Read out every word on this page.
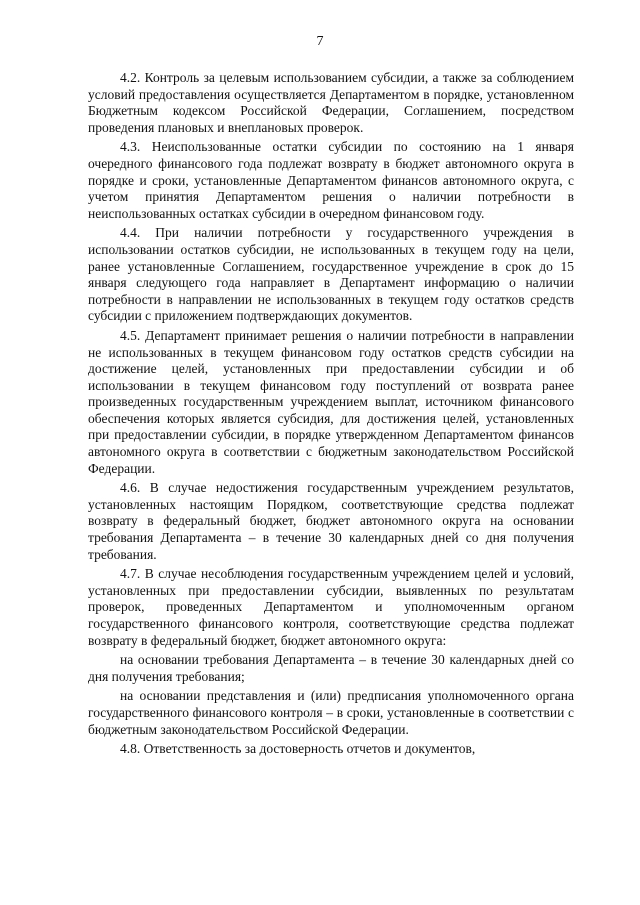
7

4.2. Контроль за целевым использованием субсидии, а также за соблюдением условий предоставления осуществляется Департаментом в порядке, установленном Бюджетным кодексом Российской Федерации, Соглашением, посредством проведения плановых и внеплановых проверок.

4.3. Неиспользованные остатки субсидии по состоянию на 1 января очередного финансового года подлежат возврату в бюджет автономного округа в порядке и сроки, установленные Департаментом финансов автономного округа, с учетом принятия Департаментом решения о наличии потребности в неиспользованных остатках субсидии в очередном финансовом году.

4.4. При наличии потребности у государственного учреждения в использовании остатков субсидии, не использованных в текущем году на цели, ранее установленные Соглашением, государственное учреждение в срок до 15 января следующего года направляет в Департамент информацию о наличии потребности в направлении не использованных в текущем году остатков средств субсидии с приложением подтверждающих документов.

4.5. Департамент принимает решения о наличии потребности в направлении не использованных в текущем финансовом году остатков средств субсидии на достижение целей, установленных при предоставлении субсидии и об использовании в текущем финансовом году поступлений от возврата ранее произведенных государственным учреждением выплат, источником финансового обеспечения которых является субсидия, для достижения целей, установленных при предоставлении субсидии, в порядке утвержденном Департаментом финансов автономного округа в соответствии с бюджетным законодательством Российской Федерации.

4.6. В случае недостижения государственным учреждением результатов, установленных настоящим Порядком, соответствующие средства подлежат возврату в федеральный бюджет, бюджет автономного округа на основании требования Департамента – в течение 30 календарных дней со дня получения требования.

4.7. В случае несоблюдения государственным учреждением целей и условий, установленных при предоставлении субсидии, выявленных по результатам проверок, проведенных Департаментом и уполномоченным органом государственного финансового контроля, соответствующие средства подлежат возврату в федеральный бюджет, бюджет автономного округа:

на основании требования Департамента – в течение 30 календарных дней со дня получения требования;

на основании представления и (или) предписания уполномоченного органа государственного финансового контроля – в сроки, установленные в соответствии с бюджетным законодательством Российской Федерации.

4.8. Ответственность за достоверность отчетов и документов,
